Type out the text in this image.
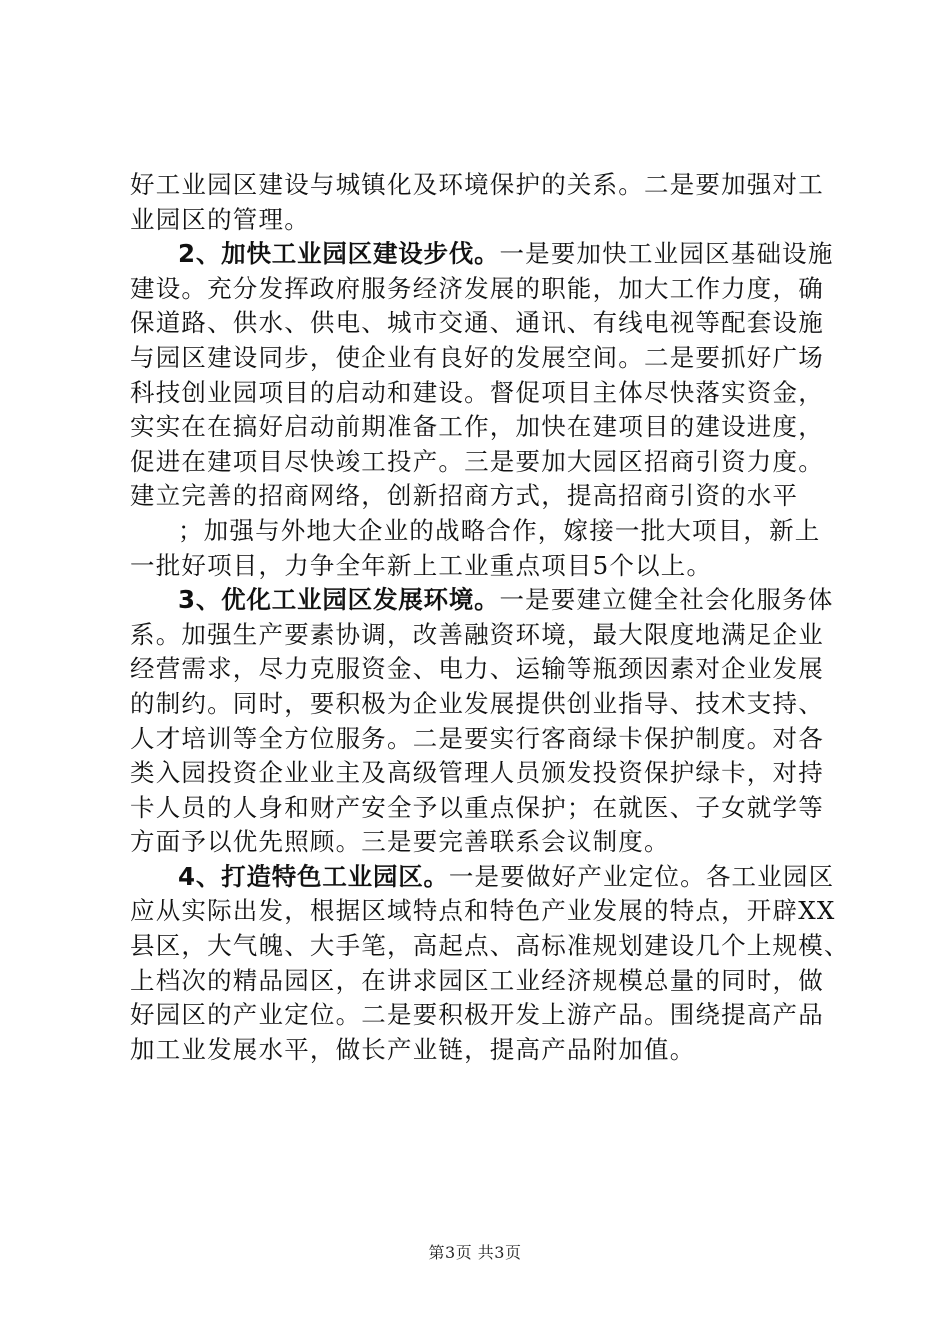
好工业园区建设与城镇化及环境保护的关系。二是要加强对工
业园区的管理。
2、加快工业园区建设步伐。一是要加快工业园区基础设施
建设。充分发挥政府服务经济发展的职能，加大工作力度，确
保道路、供水、供电、城市交通、通讯、有线电视等配套设施
与园区建设同步，使企业有良好的发展空间。二是要抓好广场
科技创业园项目的启动和建设。督促项目主体尽快落实资金，
实实在在搞好启动前期准备工作，加快在建项目的建设进度，
促进在建项目尽快竣工投产。三是要加大园区招商引资力度。
建立完善的招商网络，创新招商方式，提高招商引资的水平
；加强与外地大企业的战略合作，嫁接一批大项目，新上
一批好项目，力争全年新上工业重点项目5个以上。
3、优化工业园区发展环境。一是要建立健全社会化服务体
系。加强生产要素协调，改善融资环境，最大限度地满足企业
经营需求，尽力克服资金、电力、运输等瓶颈因素对企业发展
的制约。同时，要积极为企业发展提供创业指导、技术支持、
人才培训等全方位服务。二是要实行客商绿卡保护制度。对各
类入园投资企业业主及高级管理人员颁发投资保护绿卡，对持
卡人员的人身和财产安全予以重点保护；在就医、子女就学等
方面予以优先照顾。三是要完善联系会议制度。
4、打造特色工业园区。一是要做好产业定位。各工业园区
应从实际出发，根据区域特点和特色产业发展的特点，开辟XX
县区，大气魄、大手笔，高起点、高标准规划建设几个上规模、
上档次的精品园区，在讲求园区工业经济规模总量的同时，做
好园区的产业定位。二是要积极开发上游产品。围绕提高产品
加工业发展水平，做长产业链，提高产品附加值。
第3页 共3页
